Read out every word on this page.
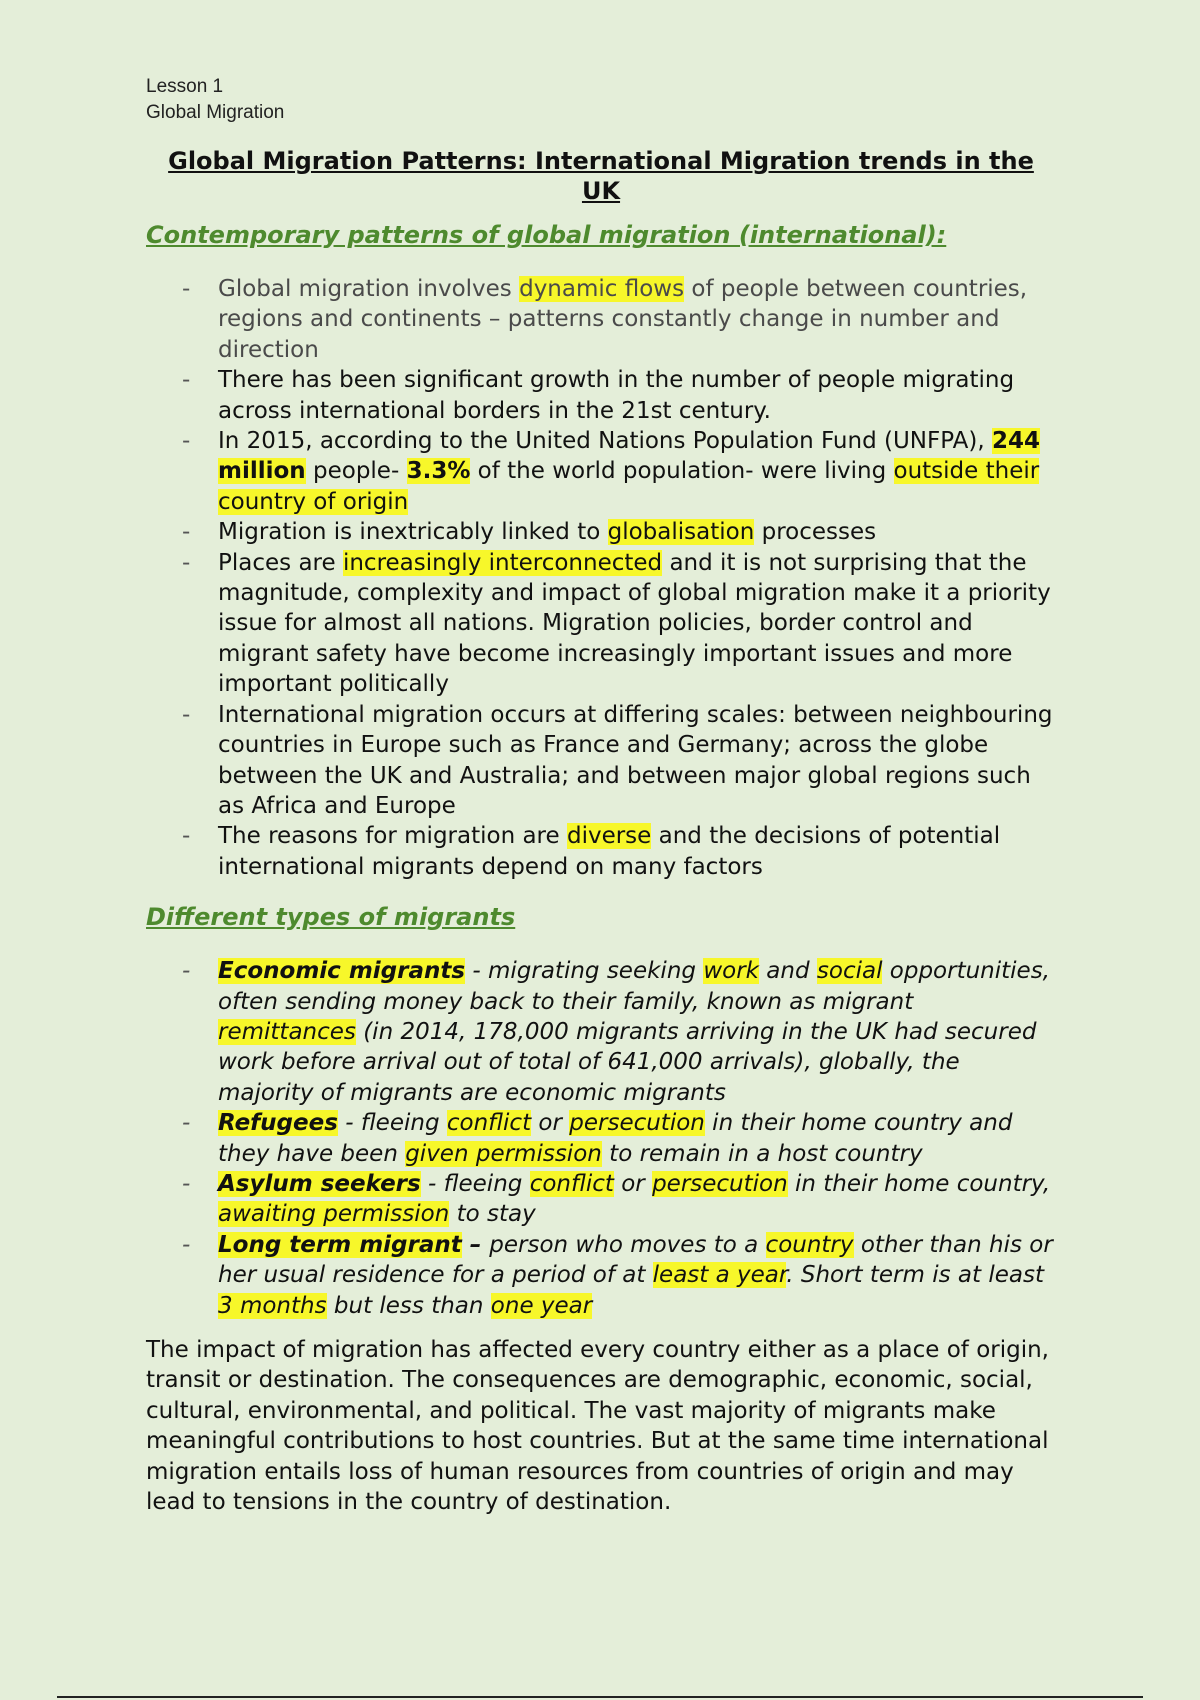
Lesson 1
Global Migration
Global Migration Patterns: International Migration trends in the UK
Contemporary patterns of global migration (international):
- Global migration involves dynamic flows of people between countries, regions and continents – patterns constantly change in number and direction
- There has been significant growth in the number of people migrating across international borders in the 21st century.
- In 2015, according to the United Nations Population Fund (UNFPA), 244 million people- 3.3% of the world population- were living outside their country of origin
- Migration is inextricably linked to globalisation processes
- Places are increasingly interconnected and it is not surprising that the magnitude, complexity and impact of global migration make it a priority issue for almost all nations. Migration policies, border control and migrant safety have become increasingly important issues and more important politically
- International migration occurs at differing scales: between neighbouring countries in Europe such as France and Germany; across the globe between the UK and Australia; and between major global regions such as Africa and Europe
- The reasons for migration are diverse and the decisions of potential international migrants depend on many factors
Different types of migrants
- Economic migrants - migrating seeking work and social opportunities, often sending money back to their family, known as migrant remittances (in 2014, 178,000 migrants arriving in the UK had secured work before arrival out of total of 641,000 arrivals), globally, the majority of migrants are economic migrants
- Refugees - fleeing conflict or persecution in their home country and they have been given permission to remain in a host country
- Asylum seekers - fleeing conflict or persecution in their home country, awaiting permission to stay
- Long term migrant – person who moves to a country other than his or her usual residence for a period of at least a year. Short term is at least 3 months but less than one year

The impact of migration has affected every country either as a place of origin, transit or destination. The consequences are demographic, economic, social, cultural, environmental, and political. The vast majority of migrants make meaningful contributions to host countries. But at the same time international migration entails loss of human resources from countries of origin and may lead to tensions in the country of destination.
